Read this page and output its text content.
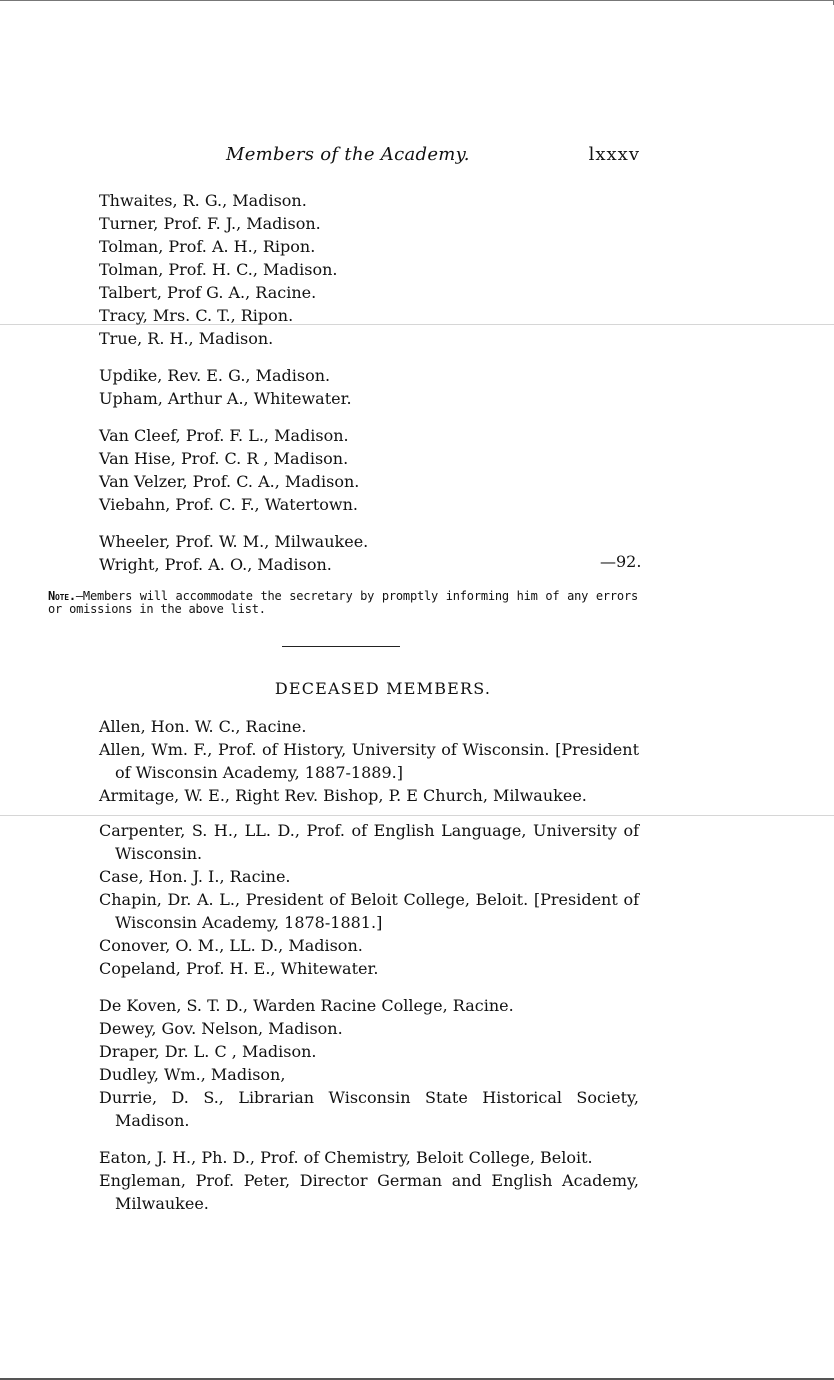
Members of the Academy.	lxxxv
Thwaites, R. G., Madison.
Turner, Prof. F. J., Madison.
Tolman, Prof. A. H., Ripon.
Tolman, Prof. H. C., Madison.
Talbert, Prof G. A., Racine.
Tracy, Mrs. C. T., Ripon.
True, R. H., Madison.
Updike, Rev. E. G., Madison.
Upham, Arthur A., Whitewater.
Van Cleef, Prof. F. L., Madison.
Van Hise, Prof. C. R , Madison.
Van Velzer, Prof. C. A., Madison.
Viebahn, Prof. C. F., Watertown.
Wheeler, Prof. W. M., Milwaukee.
Wright, Prof. A. O., Madison.	—92.
Note.—Members will accommodate the secretary by promptly informing him of any errors or omissions in the above list.
DECEASED MEMBERS.
Allen, Hon. W. C., Racine.
Allen, Wm. F., Prof. of History, University of Wisconsin. [President of Wisconsin Academy, 1887-1889.]
Armitage, W. E., Right Rev. Bishop, P. E Church, Milwaukee.
Carpenter, S. H., LL. D., Prof. of English Language, University of Wisconsin.
Case, Hon. J. I., Racine.
Chapin, Dr. A. L., President of Beloit College, Beloit. [President of Wisconsin Academy, 1878-1881.]
Conover, O. M., LL. D., Madison.
Copeland, Prof. H. E., Whitewater.
De Koven, S. T. D., Warden Racine College, Racine.
Dewey, Gov. Nelson, Madison.
Draper, Dr. L. C , Madison.
Dudley, Wm., Madison,
Durrie, D. S., Librarian Wisconsin State Historical Society, Madison.
Eaton, J. H., Ph. D., Prof. of Chemistry, Beloit College, Beloit.
Engleman, Prof. Peter, Director German and English Academy, Milwaukee.
